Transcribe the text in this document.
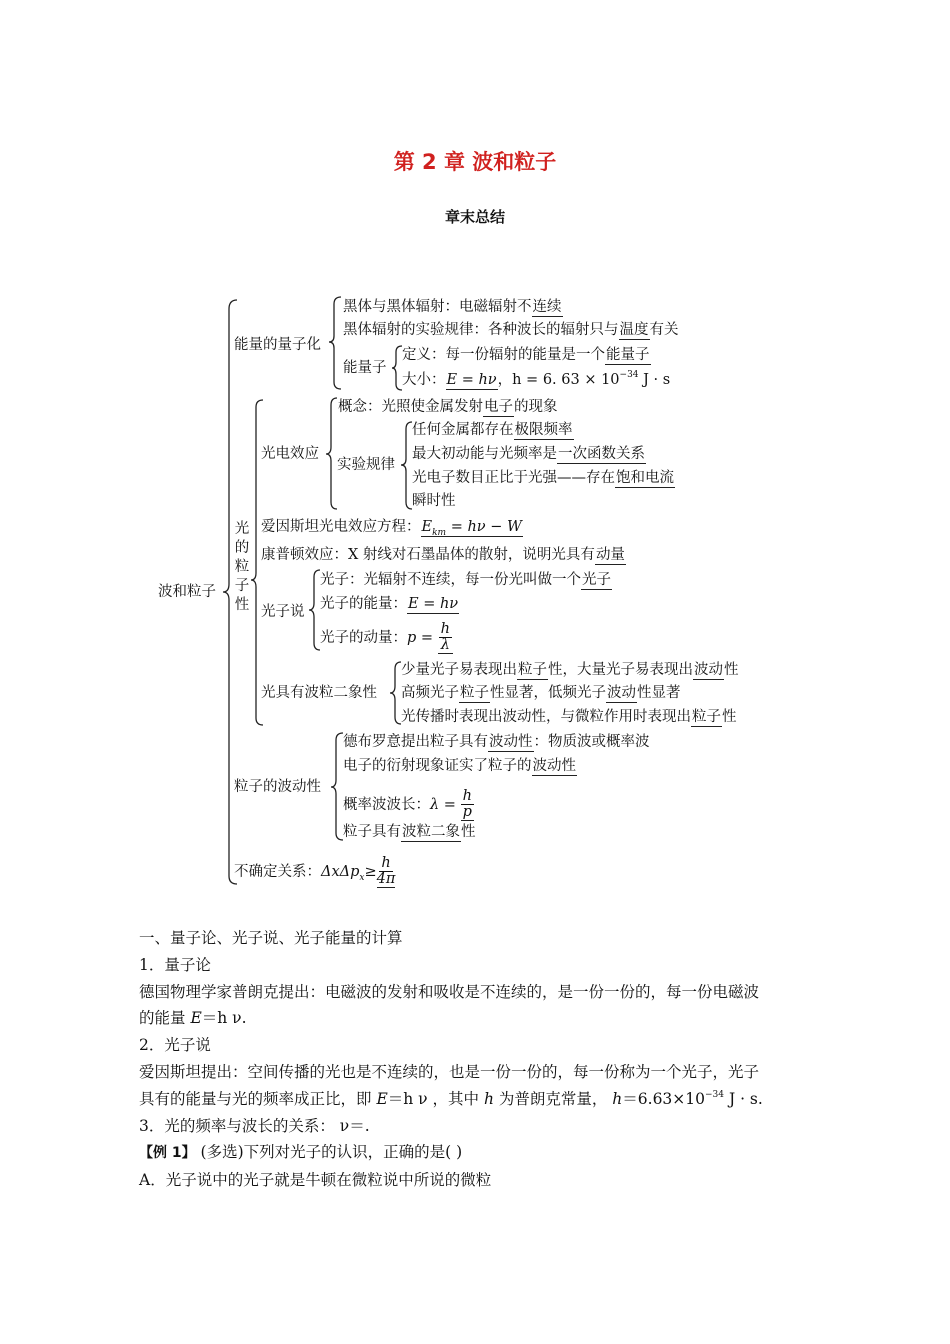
第 2 章 波和粒子
章末总结
波和粒子
能量的量子化
黑体与黑体辐射：电磁辐射不连续
黑体辐射的实验规律：各种波长的辐射只与温度有关
能量子
定义：每一份辐射的能量是一个能量子
大小：E = hν，h = 6. $63 \times 10^{-34}$ J · s
光
的
粒
子
性
光电效应
概念：光照使金属发射电子的现象
实验规律
任何金属都存在极限频率
最大初动能与光频率是一次函数关系
光电子数目正比于光强——存在饱和电流
瞬时性
爱因斯坦光电效应方程：$E_{km} = h\nu - W$
康普顿效应：X 射线对石墨晶体的散射，说明光具有动量
光子说
光子：光辐射不连续，每一份光叫做一个光子
光子的能量：E = hν
光子的动量：$p = \frac{h}{\lambda}$
光具有波粒二象性
少量光子易表现出粒子性，大量光子易表现出波动性
高频光子粒子性显著，低频光子波动性显著
光传播时表现出波动性，与微粒作用时表现出粒子性
粒子的波动性
德布罗意提出粒子具有波动性：物质波或概率波
电子的衍射现象证实了粒子的波动性
概率波波长：$\lambda = \frac{h}{p}$
粒子具有波粒二象性
不确定关系：$\Delta x\Delta p_x\ge \frac{h}{4\pi}$

一、量子论、光子说、光子能量的计算

1．量子论

德国物理学家普朗克提出：电磁波的发射和吸收是不连续的，是一份一份的，每一份电磁波

的能量 E＝h ν.

2．光子说

爱因斯坦提出：空间传播的光也是不连续的，也是一份一份的，每一份称为一个光子，光子

具有的能量与光的频率成正比，即 E＝h ν ，其中 h 为普朗克常量， $h=6.63\times 10^{-34}$ J · s.

3．光的频率与波长的关系： ν＝.

【例 1】 (多选)下列对光子的认识，正确的是( )

A．光子说中的光子就是牛顿在微粒说中所说的微粒
